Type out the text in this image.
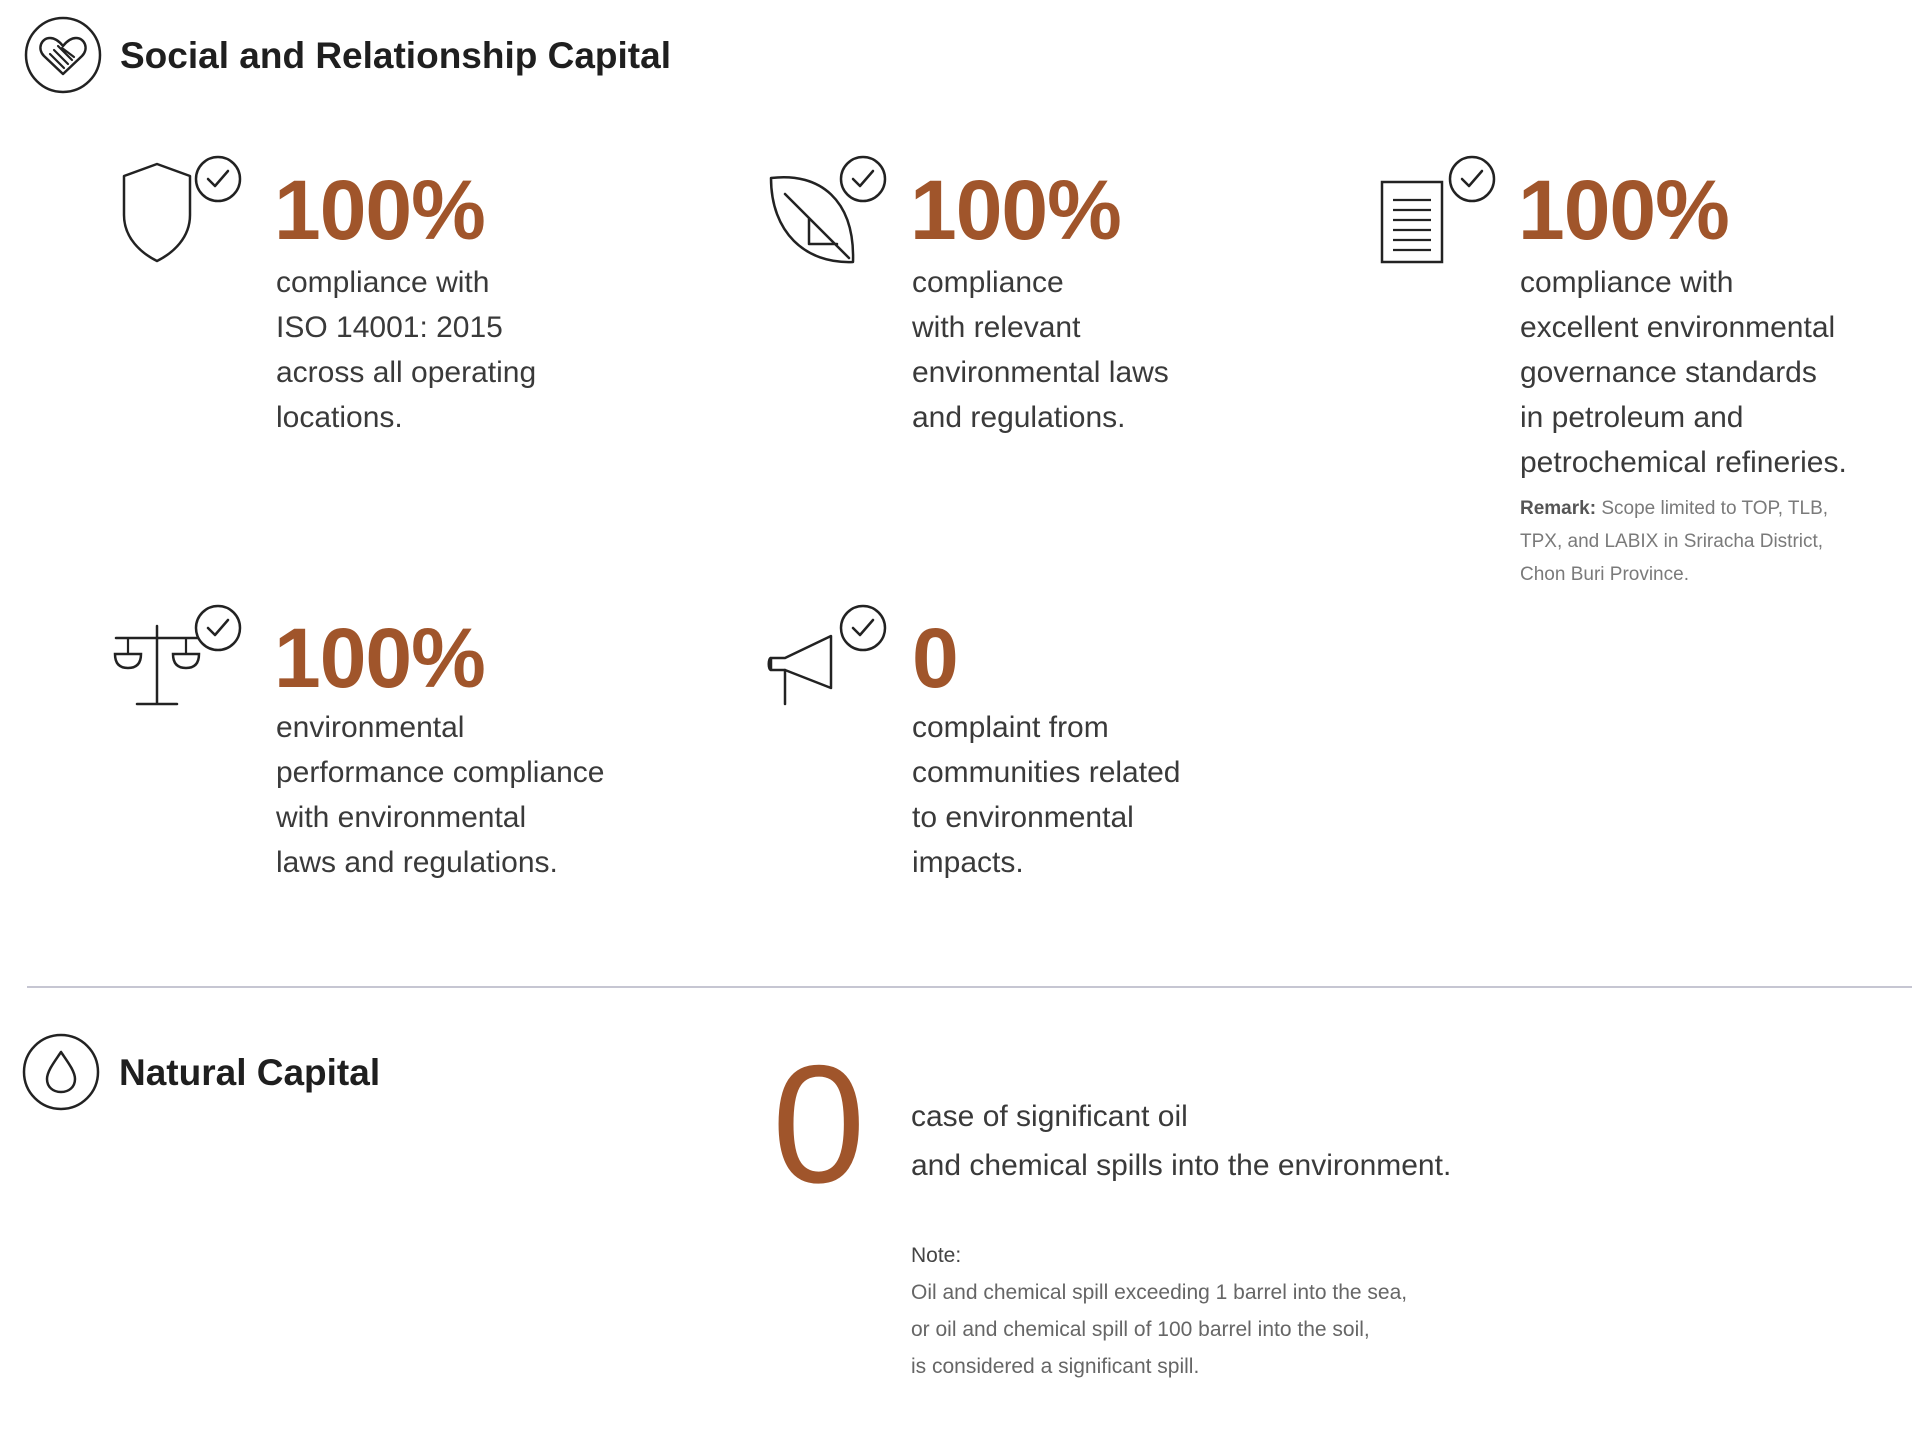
Social and Relationship Capital
100%
compliance with
ISO 14001: 2015
across all operating
locations.
100%
compliance
with relevant
environmental laws
and regulations.
100%
compliance with
excellent environmental
governance standards
in petroleum and
petrochemical refineries.
Remark: Scope limited to TOP, TLB,
TPX, and LABIX in Sriracha District,
Chon Buri Province.
100%
environmental
performance compliance
with environmental
laws and regulations.
0
complaint from
communities related
to environmental
impacts.
Natural Capital 0 case of significant oil
and chemical spills into the environment.
Note:
Oil and chemical spill exceeding 1 barrel into the sea,
or oil and chemical spill of 100 barrel into the soil,
is considered a significant spill.
